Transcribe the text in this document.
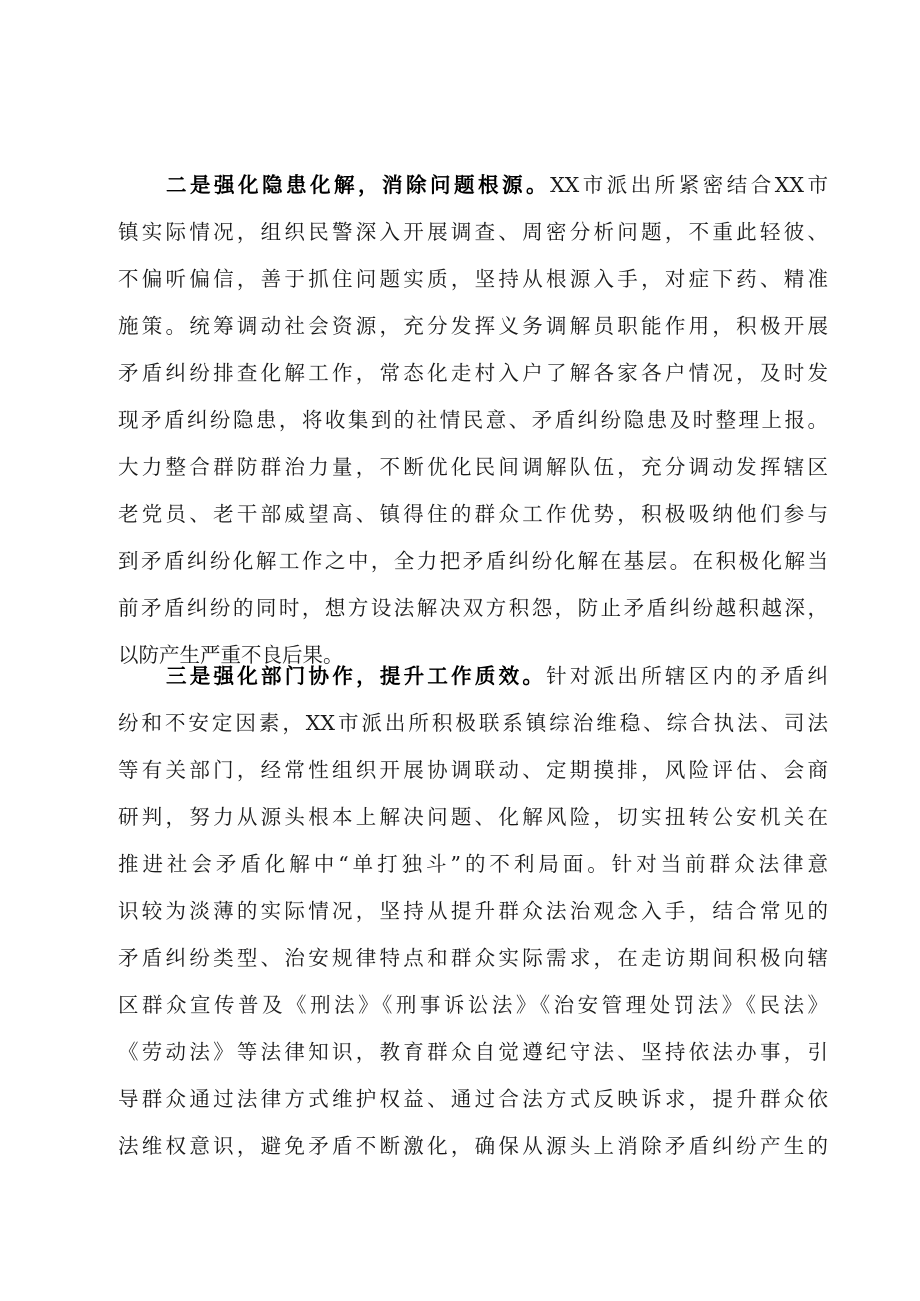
二是强化隐患化解，消除问题根源。XX市派出所紧密结合XX市
镇实际情况，组织民警深入开展调查、周密分析问题，不重此轻彼、
不偏听偏信，善于抓住问题实质，坚持从根源入手，对症下药、精准
施策。统筹调动社会资源，充分发挥义务调解员职能作用，积极开展
矛盾纠纷排查化解工作，常态化走村入户了解各家各户情况，及时发
现矛盾纠纷隐患，将收集到的社情民意、矛盾纠纷隐患及时整理上报。
大力整合群防群治力量，不断优化民间调解队伍，充分调动发挥辖区
老党员、老干部威望高、镇得住的群众工作优势，积极吸纳他们参与
到矛盾纠纷化解工作之中，全力把矛盾纠纷化解在基层。在积极化解当
前矛盾纠纷的同时，想方设法解决双方积怨，防止矛盾纠纷越积越深，
以防产生严重不良后果。
三是强化部门协作，提升工作质效。针对派出所辖区内的矛盾纠
纷和不安定因素，XX市派出所积极联系镇综治维稳、综合执法、司法
等有关部门，经常性组织开展协调联动、定期摸排，风险评估、会商
研判，努力从源头根本上解决问题、化解风险，切实扭转公安机关在
推进社会矛盾化解中“单打独斗”的不利局面。针对当前群众法律意
识较为淡薄的实际情况，坚持从提升群众法治观念入手，结合常见的
矛盾纠纷类型、治安规律特点和群众实际需求，在走访期间积极向辖
区群众宣传普及《刑法》《刑事诉讼法》《治安管理处罚法》《民法》
《劳动法》等法律知识，教育群众自觉遵纪守法、坚持依法办事，引
导群众通过法律方式维护权益、通过合法方式反映诉求，提升群众依
法维权意识，避免矛盾不断激化，确保从源头上消除矛盾纠纷产生的
